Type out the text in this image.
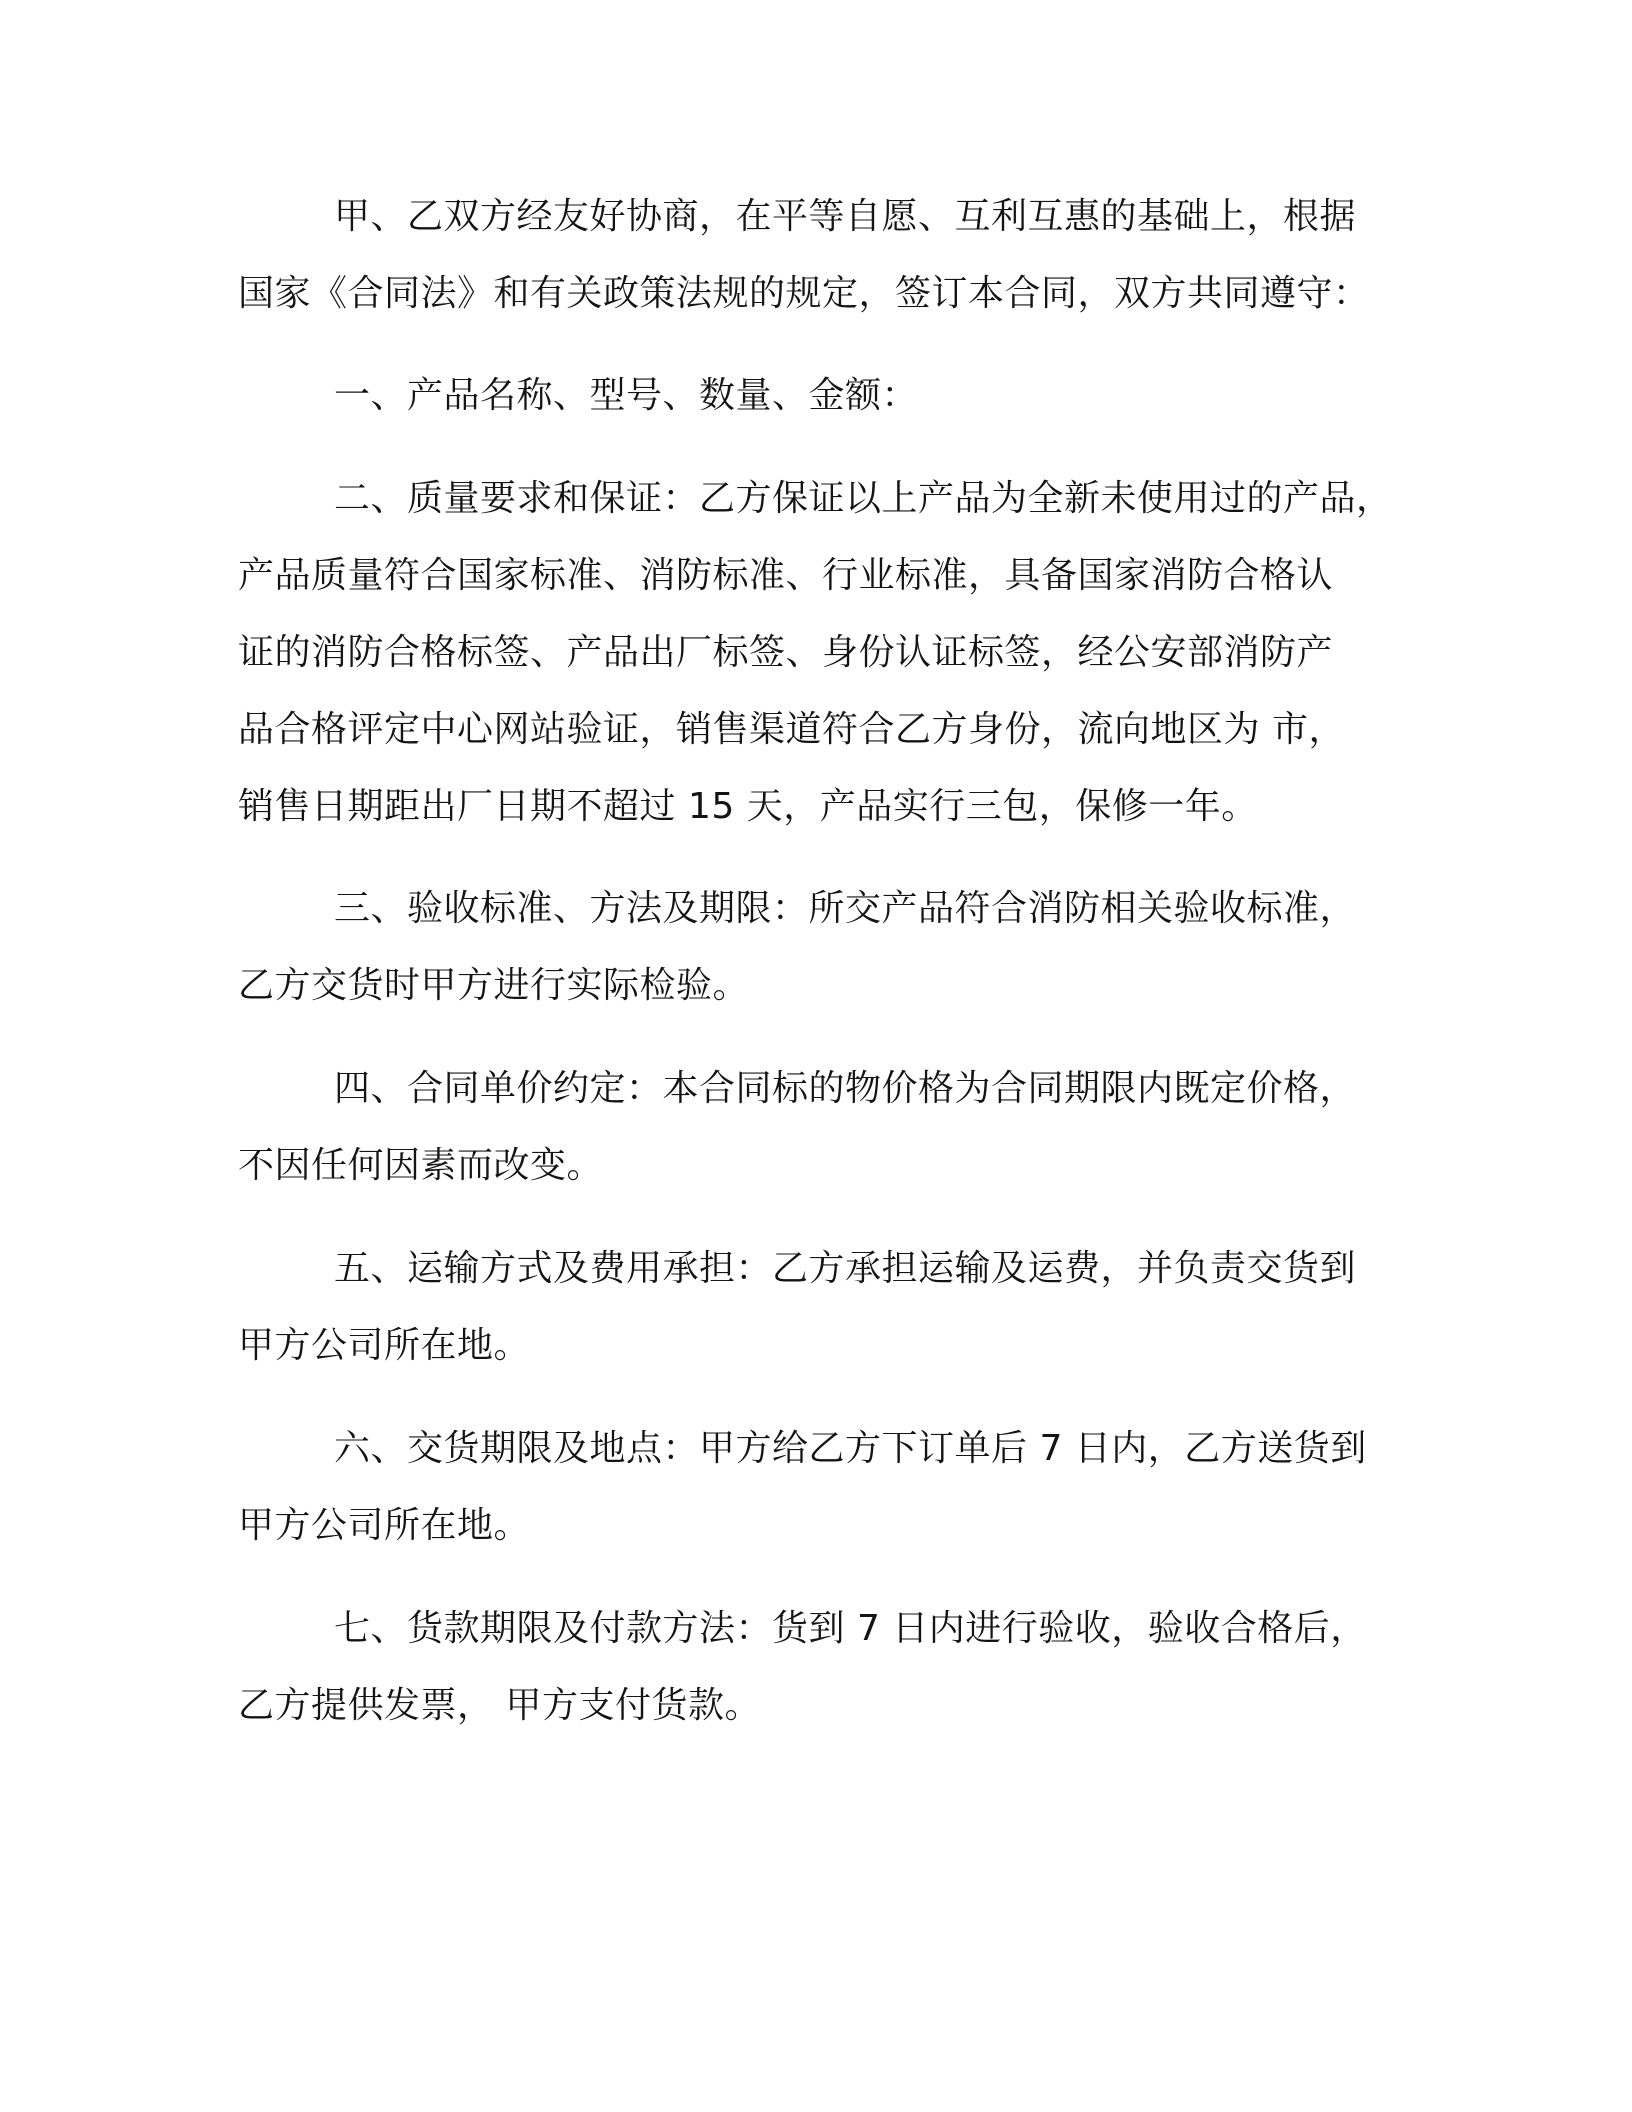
甲、乙双方经友好协商，在平等自愿、互利互惠的基础上，根据
国家《合同法》和有关政策法规的规定，签订本合同，双方共同遵守：
一、产品名称、型号、数量、金额：
二、质量要求和保证：乙方保证以上产品为全新未使用过的产品，
产品质量符合国家标准、消防标准、行业标准，具备国家消防合格认
证的消防合格标签、产品出厂标签、身份认证标签，经公安部消防产
品合格评定中心网站验证，销售渠道符合乙方身份，流向地区为 市，
销售日期距出厂日期不超过 15 天，产品实行三包，保修一年。
三、验收标准、方法及期限：所交产品符合消防相关验收标准，
乙方交货时甲方进行实际检验。
四、合同单价约定：本合同标的物价格为合同期限内既定价格，
不因任何因素而改变。
五、运输方式及费用承担：乙方承担运输及运费，并负责交货到
甲方公司所在地。
六、交货期限及地点：甲方给乙方下订单后 7 日内，乙方送货到
甲方公司所在地。
七、货款期限及付款方法：货到 7 日内进行验收，验收合格后，
乙方提供发票， 甲方支付货款。
